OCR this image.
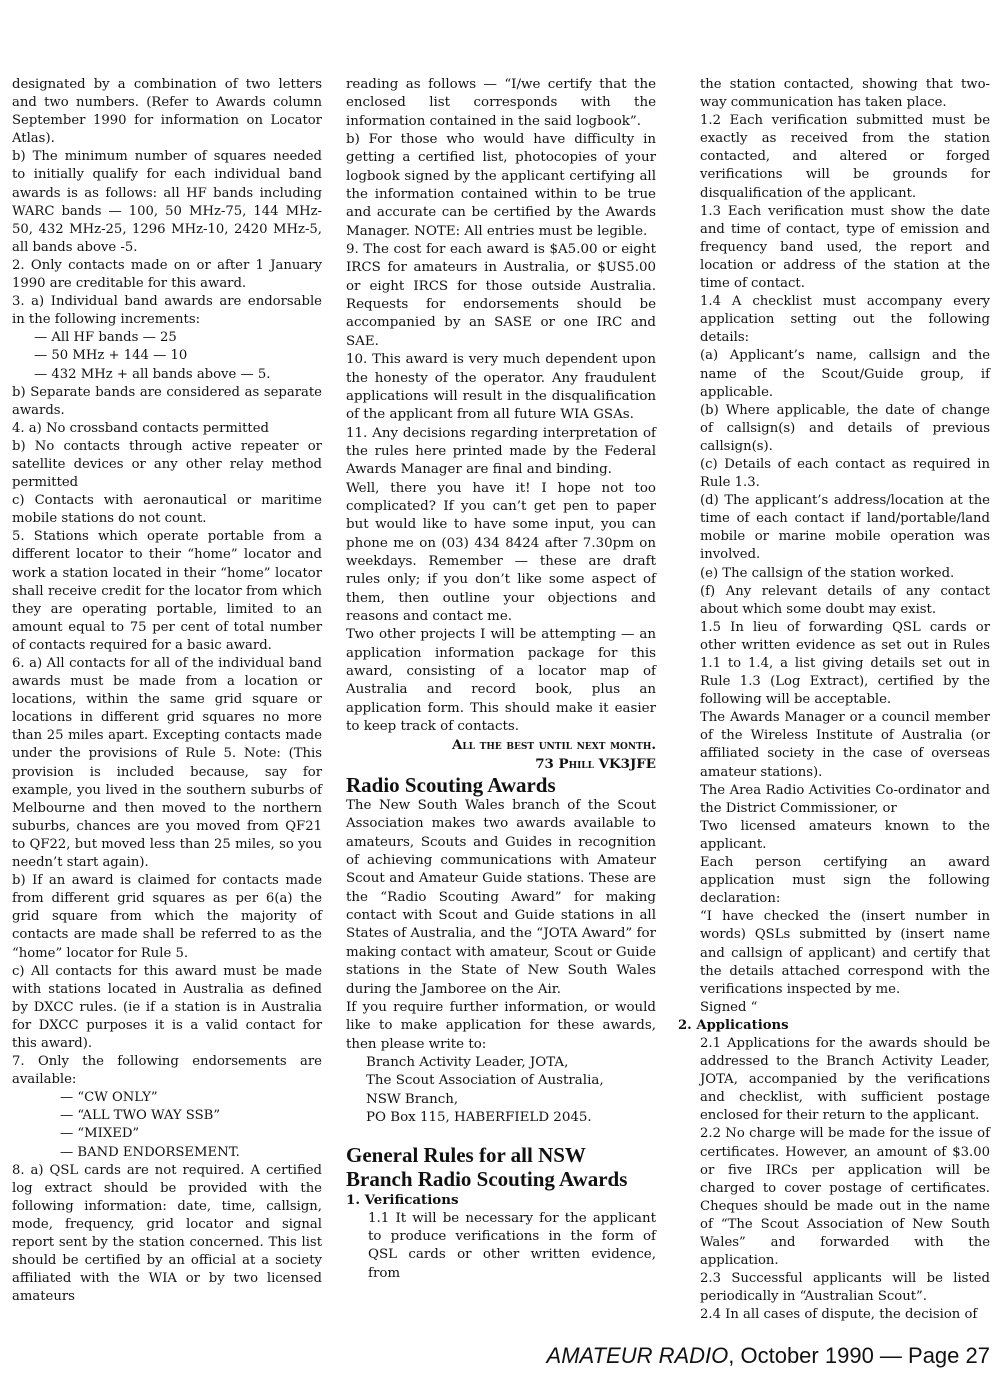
designated by a combination of two letters and two numbers. (Refer to Awards column September 1990 for information on Locator Atlas).

b) The minimum number of squares needed to initially qualify for each individual band awards is as follows: all HF bands including WARC bands — 100, 50 MHz-75, 144 MHz-50, 432 MHz-25, 1296 MHz-10, 2420 MHz-5, all bands above -5.

2. Only contacts made on or after 1 January 1990 are creditable for this award.

3. a) Individual band awards are endorsable in the following increments:

— All HF bands — 25

— 50 MHz + 144 — 10

— 432 MHz + all bands above — 5.

b) Separate bands are considered as separate awards.

4. a) No crossband contacts permitted

b) No contacts through active repeater or satellite devices or any other relay method permitted

c) Contacts with aeronautical or maritime mobile stations do not count.

5. Stations which operate portable from a different locator to their “home” locator and work a station located in their “home” locator shall receive credit for the locator from which they are operating portable, limited to an amount equal to 75 per cent of total number of contacts required for a basic award.

6. a) All contacts for all of the individual band awards must be made from a location or locations, within the same grid square or locations in different grid squares no more than 25 miles apart. Excepting contacts made under the provisions of Rule 5. Note: (This provision is included because, say for example, you lived in the southern suburbs of Melbourne and then moved to the northern suburbs, chances are you moved from QF21 to QF22, but moved less than 25 miles, so you needn’t start again).

b) If an award is claimed for contacts made from different grid squares as per 6(a) the grid square from which the majority of contacts are made shall be referred to as the “home” locator for Rule 5.

c) All contacts for this award must be made with stations located in Australia as defined by DXCC rules. (ie if a station is in Australia for DXCC purposes it is a valid contact for this award).

7. Only the following endorsements are available:

— “CW ONLY”

— “ALL TWO WAY SSB”

— “MIXED”

— BAND ENDORSEMENT.

8. a) QSL cards are not required. A certified log extract should be provided with the following information: date, time, callsign, mode, frequency, grid locator and signal report sent by the station concerned. This list should be certified by an official at a society affiliated with the WIA or by two licensed amateurs

reading as follows — “I/we certify that the enclosed list corresponds with the information contained in the said logbook”.

b) For those who would have difficulty in getting a certified list, photocopies of your logbook signed by the applicant certifying all the information contained within to be true and accurate can be certified by the Awards Manager. NOTE: All entries must be legible.

9. The cost for each award is $A5.00 or eight IRCS for amateurs in Australia, or $US5.00 or eight IRCS for those outside Australia. Requests for endorsements should be accompanied by an SASE or one IRC and SAE.

10. This award is very much dependent upon the honesty of the operator. Any fraudulent applications will result in the disqualification of the applicant from all future WIA GSAs.

11. Any decisions regarding interpretation of the rules here printed made by the Federal Awards Manager are final and binding.

Well, there you have it! I hope not too complicated? If you can’t get pen to paper but would like to have some input, you can phone me on (03) 434 8424 after 7.30pm on weekdays. Remember — these are draft rules only; if you don’t like some aspect of them, then outline your objections and reasons and contact me.

Two other projects I will be attempting — an application information package for this award, consisting of a locator map of Australia and record book, plus an application form. This should make it easier to keep track of contacts.

All the best until next month.

73 Phill VK3JFE

Radio Scouting Awards

The New South Wales branch of the Scout Association makes two awards available to amateurs, Scouts and Guides in recognition of achieving communications with Amateur Scout and Amateur Guide stations. These are the “Radio Scouting Award” for making contact with Scout and Guide stations in all States of Australia, and the “JOTA Award” for making contact with amateur, Scout or Guide stations in the State of New South Wales during the Jamboree on the Air.

If you require further information, or would like to make application for these awards, then please write to:

Branch Activity Leader, JOTA,

The Scout Association of Australia,

NSW Branch,

PO Box 115, HABERFIELD 2045.

General Rules for all NSW Branch Radio Scouting Awards

1. Verifications

1.1 It will be necessary for the applicant to produce verifications in the form of QSL cards or other written evidence, from

the station contacted, showing that two-way communication has taken place.

1.2 Each verification submitted must be exactly as received from the station contacted, and altered or forged verifications will be grounds for disqualification of the applicant.

1.3 Each verification must show the date and time of contact, type of emission and frequency band used, the report and location or address of the station at the time of contact.

1.4 A checklist must accompany every application setting out the following details:

(a) Applicant’s name, callsign and the name of the Scout/Guide group, if applicable.

(b) Where applicable, the date of change of callsign(s) and details of previous callsign(s).

(c) Details of each contact as required in Rule 1.3.

(d) The applicant’s address/location at the time of each contact if land/portable/land mobile or marine mobile operation was involved.

(e) The callsign of the station worked.

(f) Any relevant details of any contact about which some doubt may exist.

1.5 In lieu of forwarding QSL cards or other written evidence as set out in Rules 1.1 to 1.4, a list giving details set out in Rule 1.3 (Log Extract), certified by the following will be acceptable.

The Awards Manager or a council member of the Wireless Institute of Australia (or affiliated society in the case of overseas amateur stations).

The Area Radio Activities Co-ordinator and the District Commissioner, or

Two licensed amateurs known to the applicant.

Each person certifying an award application must sign the following declaration:

“I have checked the (insert number in words) QSLs submitted by (insert name and callsign of applicant) and certify that the details attached correspond with the verifications inspected by me.

Signed “

2. Applications

2.1 Applications for the awards should be addressed to the Branch Activity Leader, JOTA, accompanied by the verifications and checklist, with sufficient postage enclosed for their return to the applicant.

2.2 No charge will be made for the issue of certificates. However, an amount of $3.00 or five IRCs per application will be charged to cover postage of certificates. Cheques should be made out in the name of “The Scout Association of New South Wales” and forwarded with the application.

2.3 Successful applicants will be listed periodically in “Australian Scout”.

2.4 In all cases of dispute, the decision of

AMATEUR RADIO, October 1990 — Page 27
